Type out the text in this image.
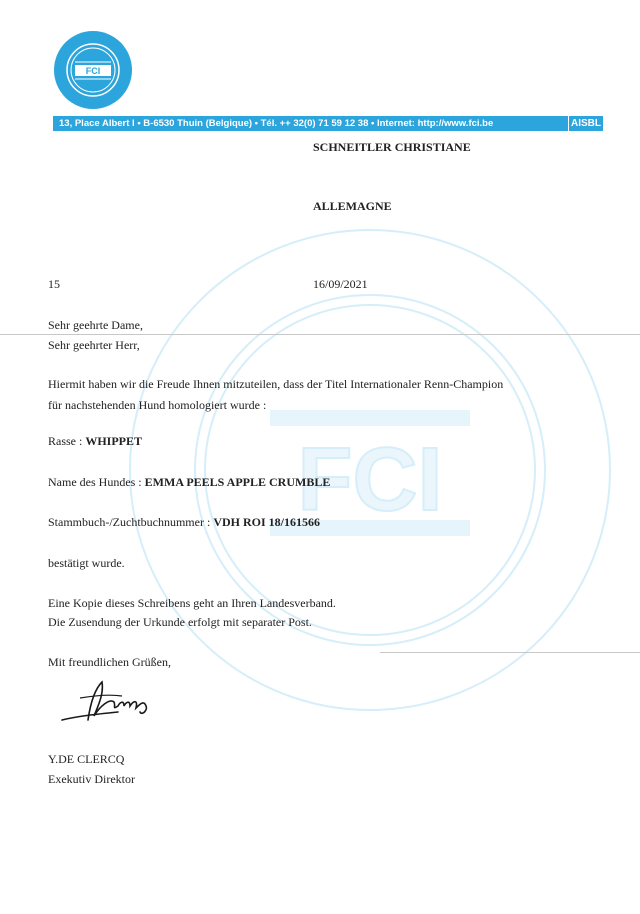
FCI
FCI
13, Place Albert I • B-6530 Thuin (Belgique) • Tél. ++ 32(0) 71 59 12 38 • Internet: http://www.fci.be	AISBL
SCHNEITLER CHRISTIANE
ALLEMAGNE
15	16/09/2021
Sehr geehrte Dame,
Sehr geehrter Herr,
Hiermit haben wir die Freude Ihnen mitzuteilen, dass der Titel Internationaler Renn-Champion
für nachstehenden Hund homologiert wurde :
Rasse : WHIPPET
Name des Hundes : EMMA PEELS APPLE CRUMBLE
Stammbuch-/Zuchtbuchnummer : VDH ROI 18/161566
bestätigt wurde.
Eine Kopie dieses Schreibens geht an Ihren Landesverband.
Die Zusendung der Urkunde erfolgt mit separater Post.
Mit freundlichen Grüßen,
Y.DE CLERCQ
Exekutiv Direktor
